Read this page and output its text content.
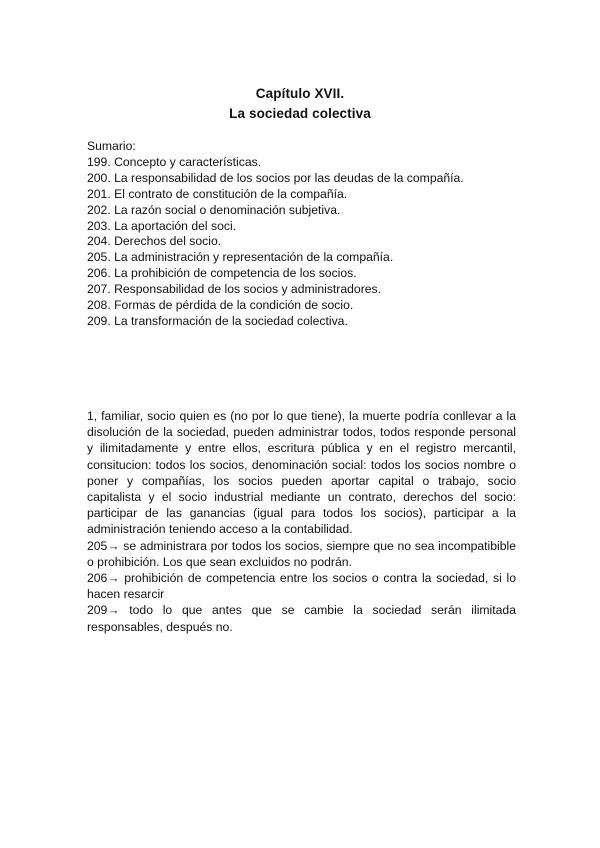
Capítulo XVII.
La sociedad colectiva
Sumario:
199. Concepto y características.
200. La responsabilidad de los socios por las deudas de la compañía.
201. El contrato de constitución de la compañía.
202. La razón social o denominación subjetiva.
203. La aportación del soci.
204. Derechos del socio.
205. La administración y representación de la compañía.
206. La prohibición de competencia de los socios.
207. Responsabilidad de los socios y administradores.
208. Formas de pérdida de la condición de socio.
209. La transformación de la sociedad colectiva.

1, familiar, socio quien es (no por lo que tiene), la muerte podría conllevar a la disolución de la sociedad, pueden administrar todos, todos responde personal y ilimitadamente y entre ellos, escritura pública y en el registro mercantil, consitucion: todos los socios, denominación social: todos los socios nombre o poner y compañías, los socios pueden aportar capital o trabajo, socio capitalista y el socio industrial mediante un contrato, derechos del socio: participar de las ganancias (igual para todos los socios), participar a la administración teniendo acceso a la contabilidad.

205→ se administrara por todos los socios, siempre que no sea incompatibible o prohibición. Los que sean excluidos no podrán.

206→ prohibición de competencia entre los socios o contra la sociedad, si lo hacen resarcir

209→ todo lo que antes que se cambie la sociedad serán ilimitada responsables, después no.
